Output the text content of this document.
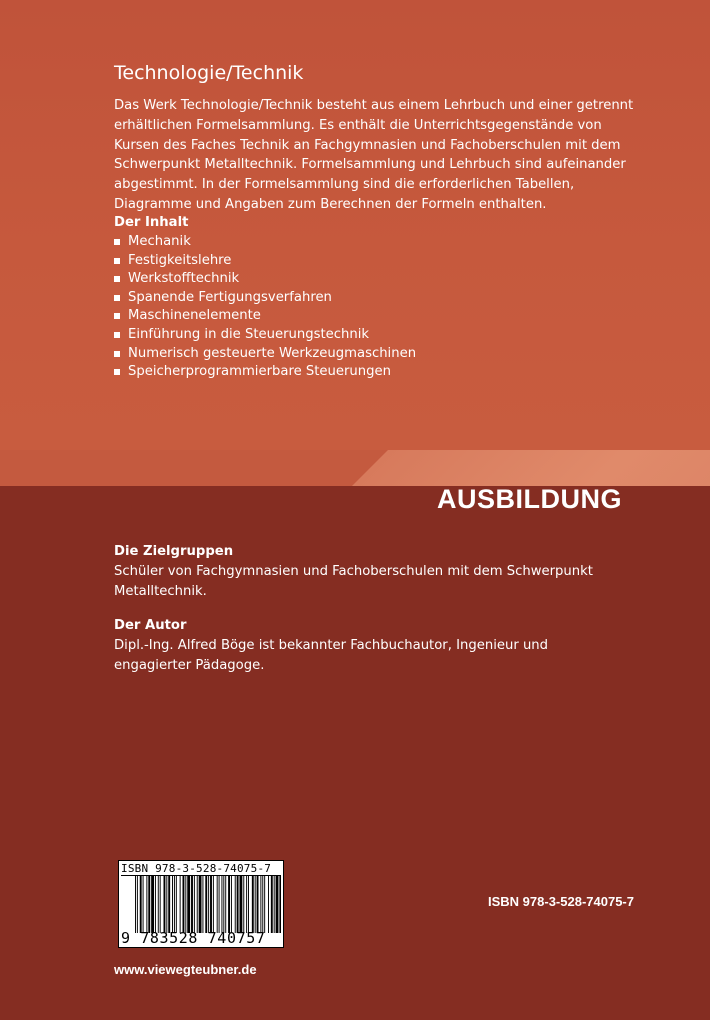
Technologie/Technik
Das Werk Technologie/Technik besteht aus einem Lehrbuch und einer getrennt erhältlichen Formelsammlung. Es enthält die Unterrichtsgegenstände von Kursen des Faches Technik an Fachgymnasien und Fachoberschulen mit dem Schwerpunkt Metalltechnik. Formelsammlung und Lehrbuch sind aufeinander abgestimmt. In der Formelsammlung sind die erforderlichen Tabellen, Diagramme und Angaben zum Berechnen der Formeln enthalten.
Der Inhalt
Mechanik
Festigkeitslehre
Werkstofftechnik
Spanende Fertigungsverfahren
Maschinenelemente
Einführung in die Steuerungstechnik
Numerisch gesteuerte Werkzeugmaschinen
Speicherprogrammierbare Steuerungen
AUSBILDUNG
Die Zielgruppen
Schüler von Fachgymnasien und Fachoberschulen mit dem Schwerpunkt Metalltechnik.
Der Autor
Dipl.-Ing. Alfred Böge ist bekannter Fachbuchautor, Ingenieur und engagierter Pädagoge.
ISBN 978-3-528-74075-7
9 783528 740757
ISBN 978-3-528-74075-7
www.viewegteubner.de
